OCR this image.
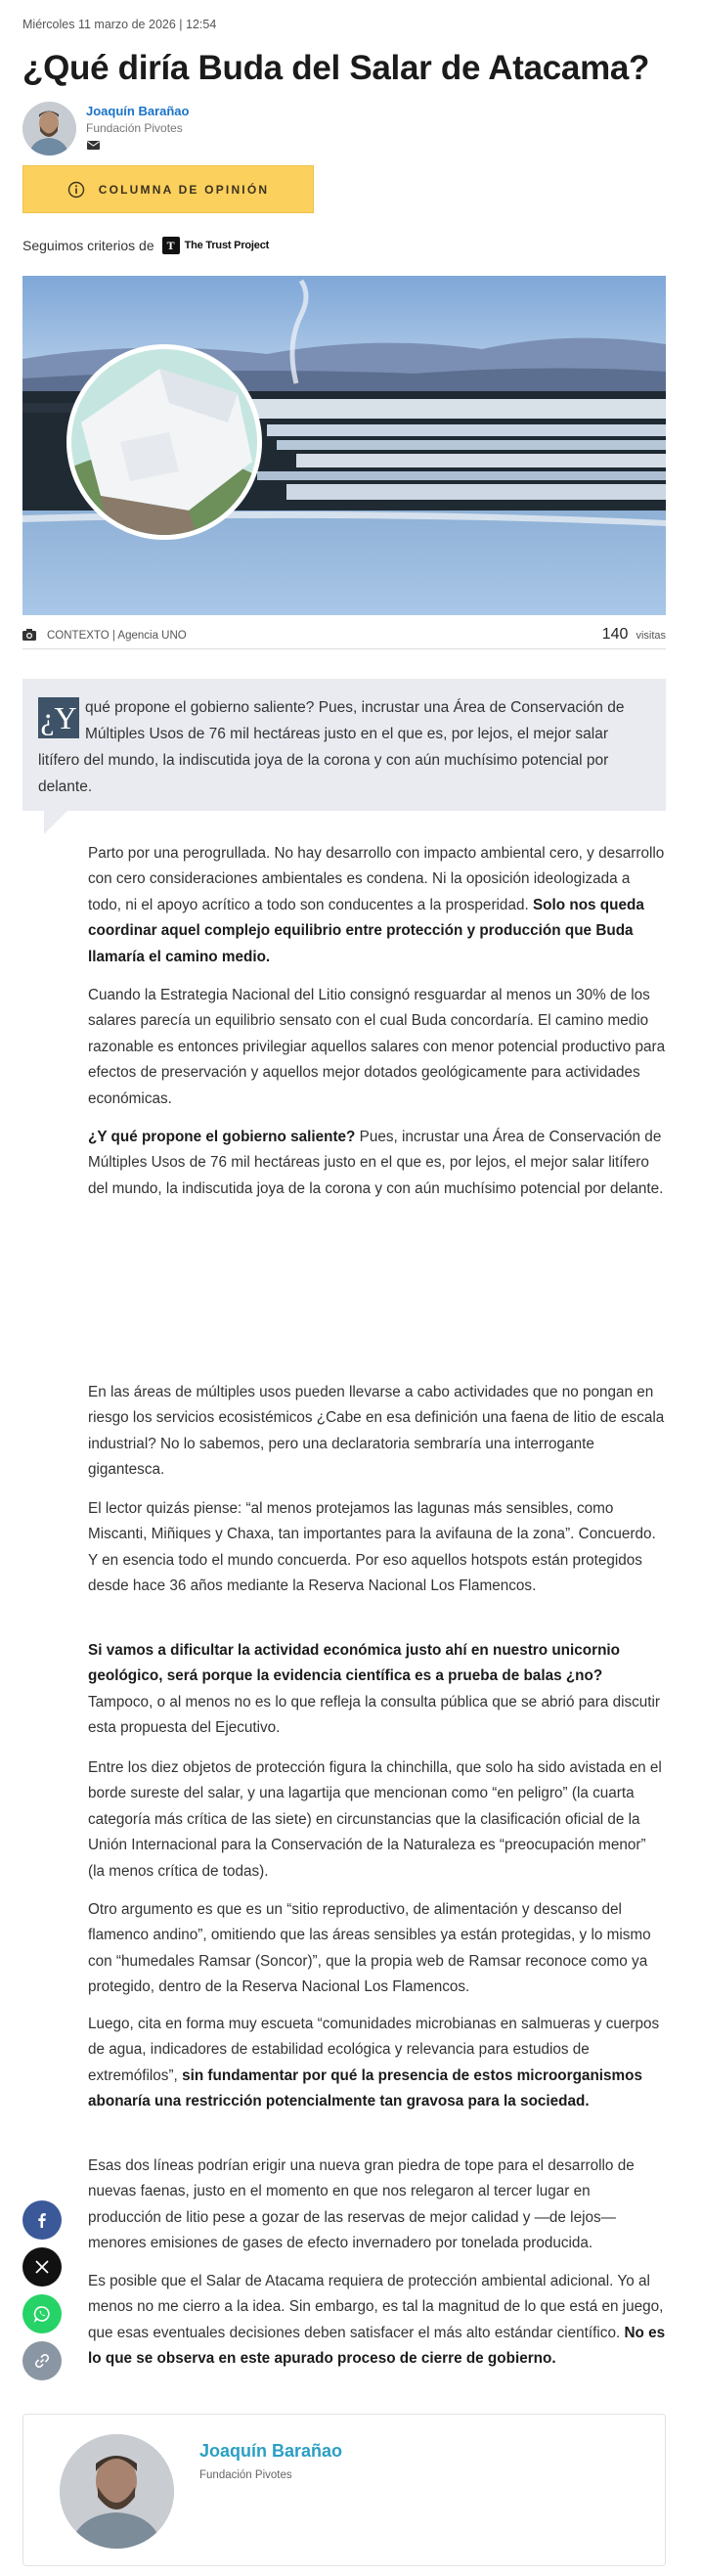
Miércoles 11 marzo de 2026 | 12:54
¿Qué diría Buda del Salar de Atacama?
Joaquín Barañao
Fundación Pivotes
COLUMNA DE OPINIÓN
Seguimos criterios de	T The Trust Project
CONTEXTO | Agencia UNO	140 visitas
¿Y qué propone el gobierno saliente? Pues, incrustar una Área de Conservación de Múltiples Usos de 76 mil hectáreas justo en el que es, por lejos, el mejor salar litífero del mundo, la indiscutida joya de la corona y con aún muchísimo potencial por delante.

Parto por una perogrullada. No hay desarrollo con impacto ambiental cero, y desarrollo con cero consideraciones ambientales es condena. Ni la oposición ideologizada a todo, ni el apoyo acrítico a todo son conducentes a la prosperidad. Solo nos queda coordinar aquel complejo equilibrio entre protección y producción que Buda llamaría el camino medio.

Cuando la Estrategia Nacional del Litio consignó resguardar al menos un 30% de los salares parecía un equilibrio sensato con el cual Buda concordaría. El camino medio razonable es entonces privilegiar aquellos salares con menor potencial productivo para efectos de preservación y aquellos mejor dotados geológicamente para actividades económicas.

¿Y qué propone el gobierno saliente? Pues, incrustar una Área de Conservación de Múltiples Usos de 76 mil hectáreas justo en el que es, por lejos, el mejor salar litífero del mundo, la indiscutida joya de la corona y con aún muchísimo potencial por delante.

En las áreas de múltiples usos pueden llevarse a cabo actividades que no pongan en riesgo los servicios ecosistémicos ¿Cabe en esa definición una faena de litio de escala industrial? No lo sabemos, pero una declaratoria sembraría una interrogante gigantesca.

El lector quizás piense: “al menos protejamos las lagunas más sensibles, como Miscanti, Miñiques y Chaxa, tan importantes para la avifauna de la zona”. Concuerdo. Y en esencia todo el mundo concuerda. Por eso aquellos hotspots están protegidos desde hace 36 años mediante la Reserva Nacional Los Flamencos.

Si vamos a dificultar la actividad económica justo ahí en nuestro unicornio geológico, será porque la evidencia científica es a prueba de balas ¿no? Tampoco, o al menos no es lo que refleja la consulta pública que se abrió para discutir esta propuesta del Ejecutivo.

Entre los diez objetos de protección figura la chinchilla, que solo ha sido avistada en el borde sureste del salar, y una lagartija que mencionan como “en peligro” (la cuarta categoría más crítica de las siete) en circunstancias que la clasificación oficial de la Unión Internacional para la Conservación de la Naturaleza es “preocupación menor” (la menos crítica de todas).

Otro argumento es que es un “sitio reproductivo, de alimentación y descanso del flamenco andino”, omitiendo que las áreas sensibles ya están protegidas, y lo mismo con “humedales Ramsar (Soncor)”, que la propia web de Ramsar reconoce como ya protegido, dentro de la Reserva Nacional Los Flamencos.

Luego, cita en forma muy escueta “comunidades microbianas en salmueras y cuerpos de agua, indicadores de estabilidad ecológica y relevancia para estudios de extremófilos”, sin fundamentar por qué la presencia de estos microorganismos abonaría una restricción potencialmente tan gravosa para la sociedad.

Esas dos líneas podrían erigir una nueva gran piedra de tope para el desarrollo de nuevas faenas, justo en el momento en que nos relegaron al tercer lugar en producción de litio pese a gozar de las reservas de mejor calidad y —de lejos— menores emisiones de gases de efecto invernadero por tonelada producida.

Es posible que el Salar de Atacama requiera de protección ambiental adicional. Yo al menos no me cierro a la idea. Sin embargo, es tal la magnitud de lo que está en juego, que esas eventuales decisiones deben satisfacer el más alto estándar científico. No es lo que se observa en este apurado proceso de cierre de gobierno.

Joaquín Barañao
Fundación Pivotes
